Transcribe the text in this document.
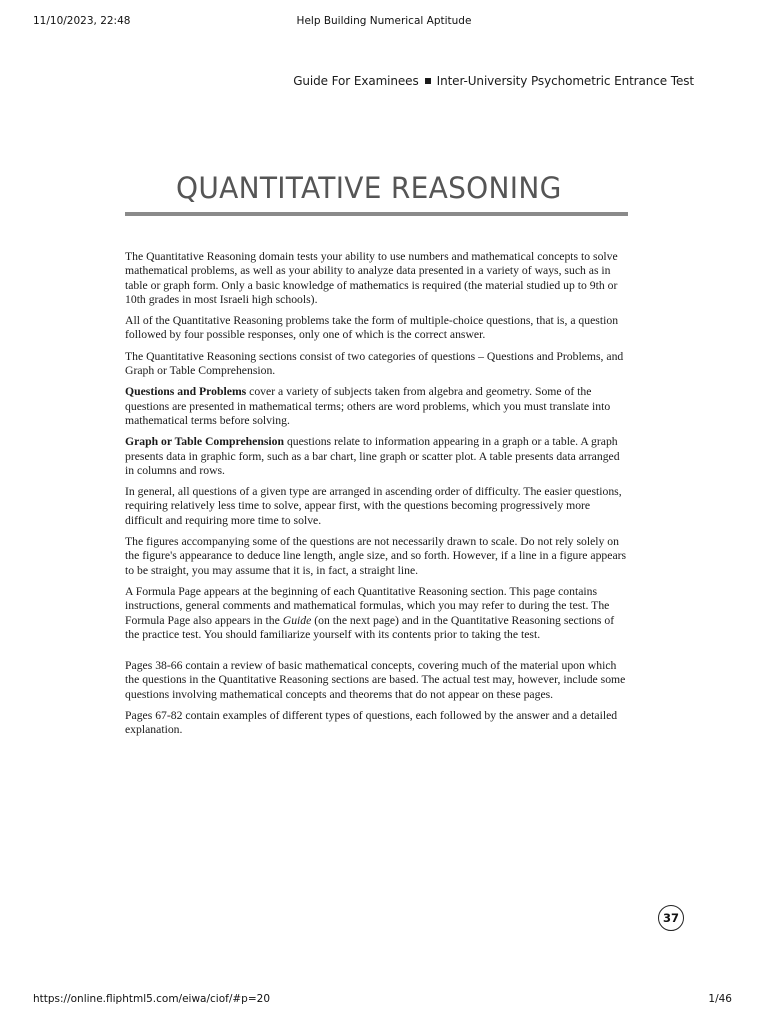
Help Building Numerical Aptitude
11/10/2023, 22:48
Guide For Examinees Inter-University Psychometric Entrance Test
QUANTITATIVE REASONING

The Quantitative Reasoning domain tests your ability to use numbers and mathematical concepts to solve mathematical problems, as well as your ability to analyze data presented in a variety of ways, such as in table or graph form. Only a basic knowledge of mathematics is required (the material studied up to 9th or 10th grades in most Israeli high schools).

All of the Quantitative Reasoning problems take the form of multiple-choice questions, that is, a question followed by four possible responses, only one of which is the correct answer.

The Quantitative Reasoning sections consist of two categories of questions – Questions and Problems, and Graph or Table Comprehension.

Questions and Problems cover a variety of subjects taken from algebra and geometry. Some of the questions are presented in mathematical terms; others are word problems, which you must translate into mathematical terms before solving.

Graph or Table Comprehension questions relate to information appearing in a graph or a table. A graph presents data in graphic form, such as a bar chart, line graph or scatter plot. A table presents data arranged in columns and rows.

In general, all questions of a given type are arranged in ascending order of difficulty. The easier questions, requiring relatively less time to solve, appear first, with the questions becoming progressively more difficult and requiring more time to solve.

The figures accompanying some of the questions are not necessarily drawn to scale. Do not rely solely on the figure's appearance to deduce line length, angle size, and so forth. However, if a line in a figure appears to be straight, you may assume that it is, in fact, a straight line.

A Formula Page appears at the beginning of each Quantitative Reasoning section. This page contains instructions, general comments and mathematical formulas, which you may refer to during the test. The Formula Page also appears in the Guide (on the next page) and in the Quantitative Reasoning sections of the practice test. You should familiarize yourself with its contents prior to taking the test.

Pages 38-66 contain a review of basic mathematical concepts, covering much of the material upon which the questions in the Quantitative Reasoning sections are based. The actual test may, however, include some questions involving mathematical concepts and theorems that do not appear on these pages.

Pages 67-82 contain examples of different types of questions, each followed by the answer and a detailed explanation.

37
https://online.fliphtml5.com/eiwa/ciof/#p=20	1/46
